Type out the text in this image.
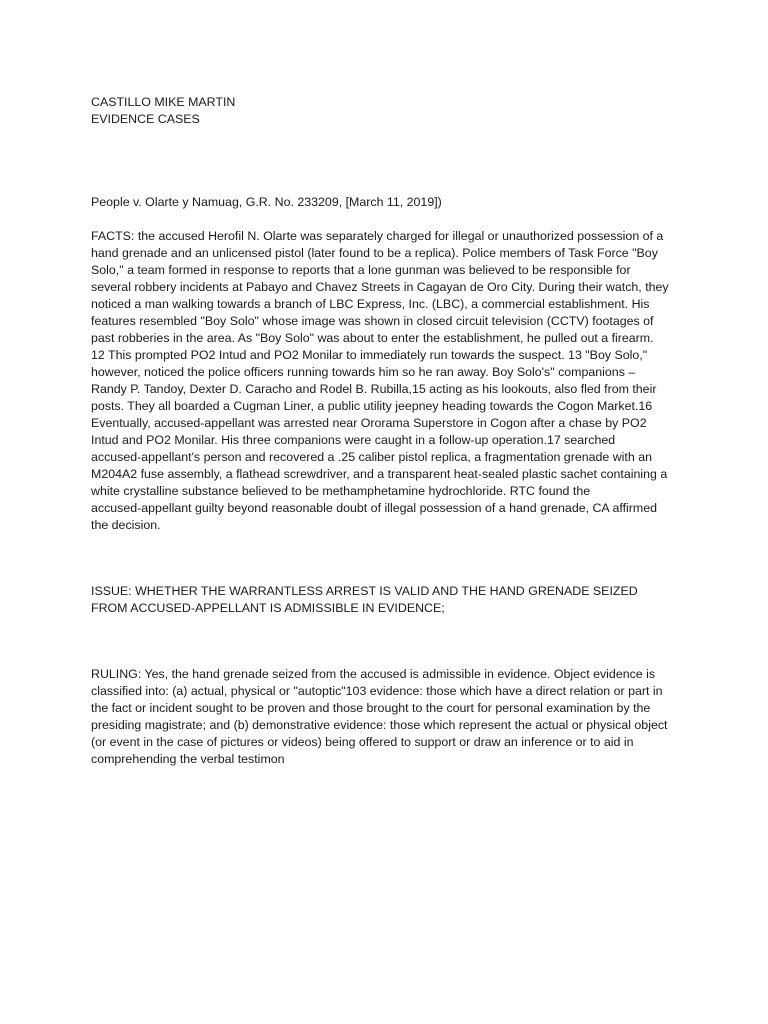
CASTILLO MIKE MARTIN
EVIDENCE CASES
People v. Olarte y Namuag, G.R. No. 233209, [March 11, 2019])
FACTS: the accused Herofil N. Olarte was separately charged for illegal or unauthorized possession of a
hand grenade and an unlicensed pistol (later found to be a replica). Police members of Task Force "Boy
Solo," a team formed in response to reports that a lone gunman was believed to be responsible for
several robbery incidents at Pabayo and Chavez Streets in Cagayan de Oro City. During their watch, they
noticed a man walking towards a branch of LBC Express, Inc. (LBC), a commercial establishment. His
features resembled "Boy Solo" whose image was shown in closed circuit television (CCTV) footages of
past robberies in the area. As "Boy Solo" was about to enter the establishment, he pulled out a firearm.
12 This prompted PO2 Intud and PO2 Monilar to immediately run towards the suspect. 13 "Boy Solo,"
however, noticed the police officers running towards him so he ran away. Boy Solo's" companions –
Randy P. Tandoy, Dexter D. Caracho and Rodel B. Rubilla,15 acting as his lookouts, also fled from their
posts. They all boarded a Cugman Liner, a public utility jeepney heading towards the Cogon Market.16
Eventually, accused-appellant was arrested near Ororama Superstore in Cogon after a chase by PO2
Intud and PO2 Monilar. His three companions were caught in a follow-up operation.17 searched
accused-appellant's person and recovered a .25 caliber pistol replica, a fragmentation grenade with an
M204A2 fuse assembly, a flathead screwdriver, and a transparent heat-sealed plastic sachet containing a
white crystalline substance believed to be methamphetamine hydrochloride. RTC found the
accused-appellant guilty beyond reasonable doubt of illegal possession of a hand grenade, CA affirmed
the decision.
ISSUE: WHETHER THE WARRANTLESS ARREST IS VALID AND THE HAND GRENADE SEIZED
FROM ACCUSED-APPELLANT IS ADMISSIBLE IN EVIDENCE;
RULING: Yes, the hand grenade seized from the accused is admissible in evidence. Object evidence is
classified into: (a) actual, physical or "autoptic"103 evidence: those which have a direct relation or part in
the fact or incident sought to be proven and those brought to the court for personal examination by the
presiding magistrate; and (b) demonstrative evidence: those which represent the actual or physical object
(or event in the case of pictures or videos) being offered to support or draw an inference or to aid in
comprehending the verbal testimon
